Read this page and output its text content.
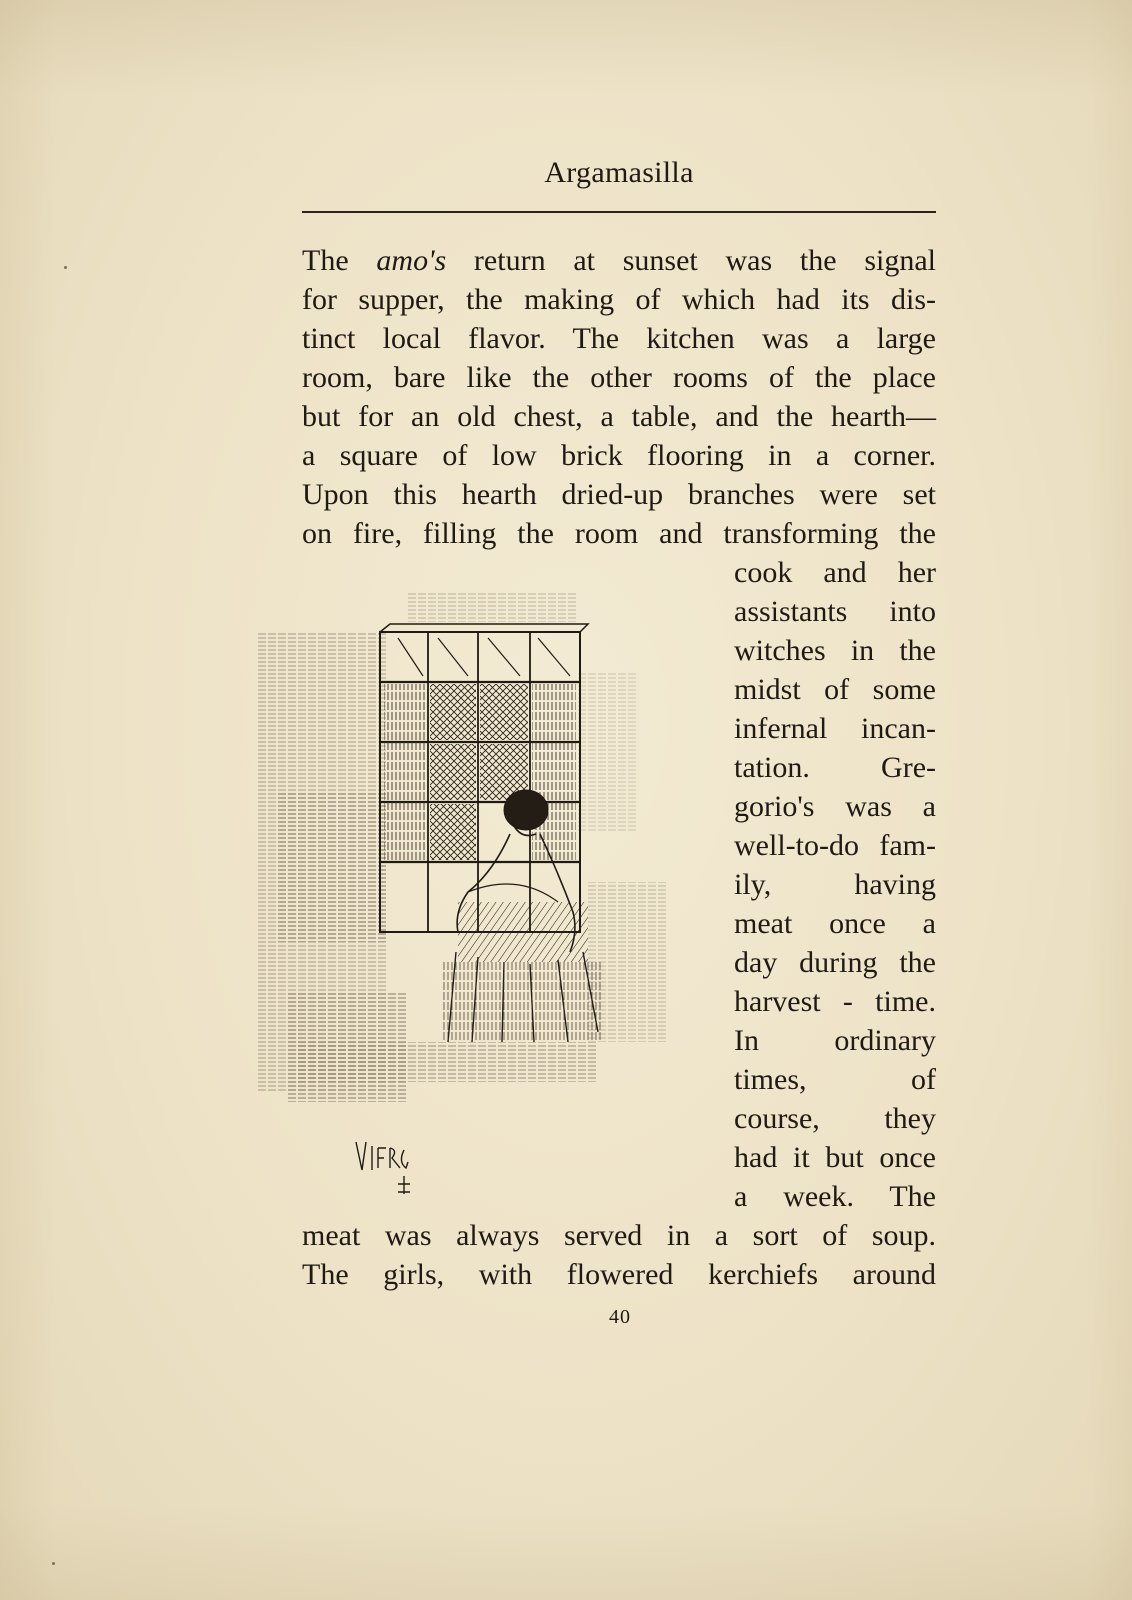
Argamasilla
The amo's return at sunset was the signal
for supper, the making of which had its dis-
tinct local flavor. The kitchen was a large
room, bare like the other rooms of the place
but for an old chest, a table, and the hearth—
a square of low brick flooring in a corner.
Upon this hearth dried-up branches were set
on fire, filling the room and transforming the
cook and her
assistants into
witches in the
midst of some
infernal incan-
tation. Gre-
gorio's was a
well-to-do fam-
ily, having
meat once a
day during the
harvest - time.
In ordinary
times, of
course, they
had it but once
a week. The
meat was always served in a sort of soup.
The girls, with flowered kerchiefs around
40
